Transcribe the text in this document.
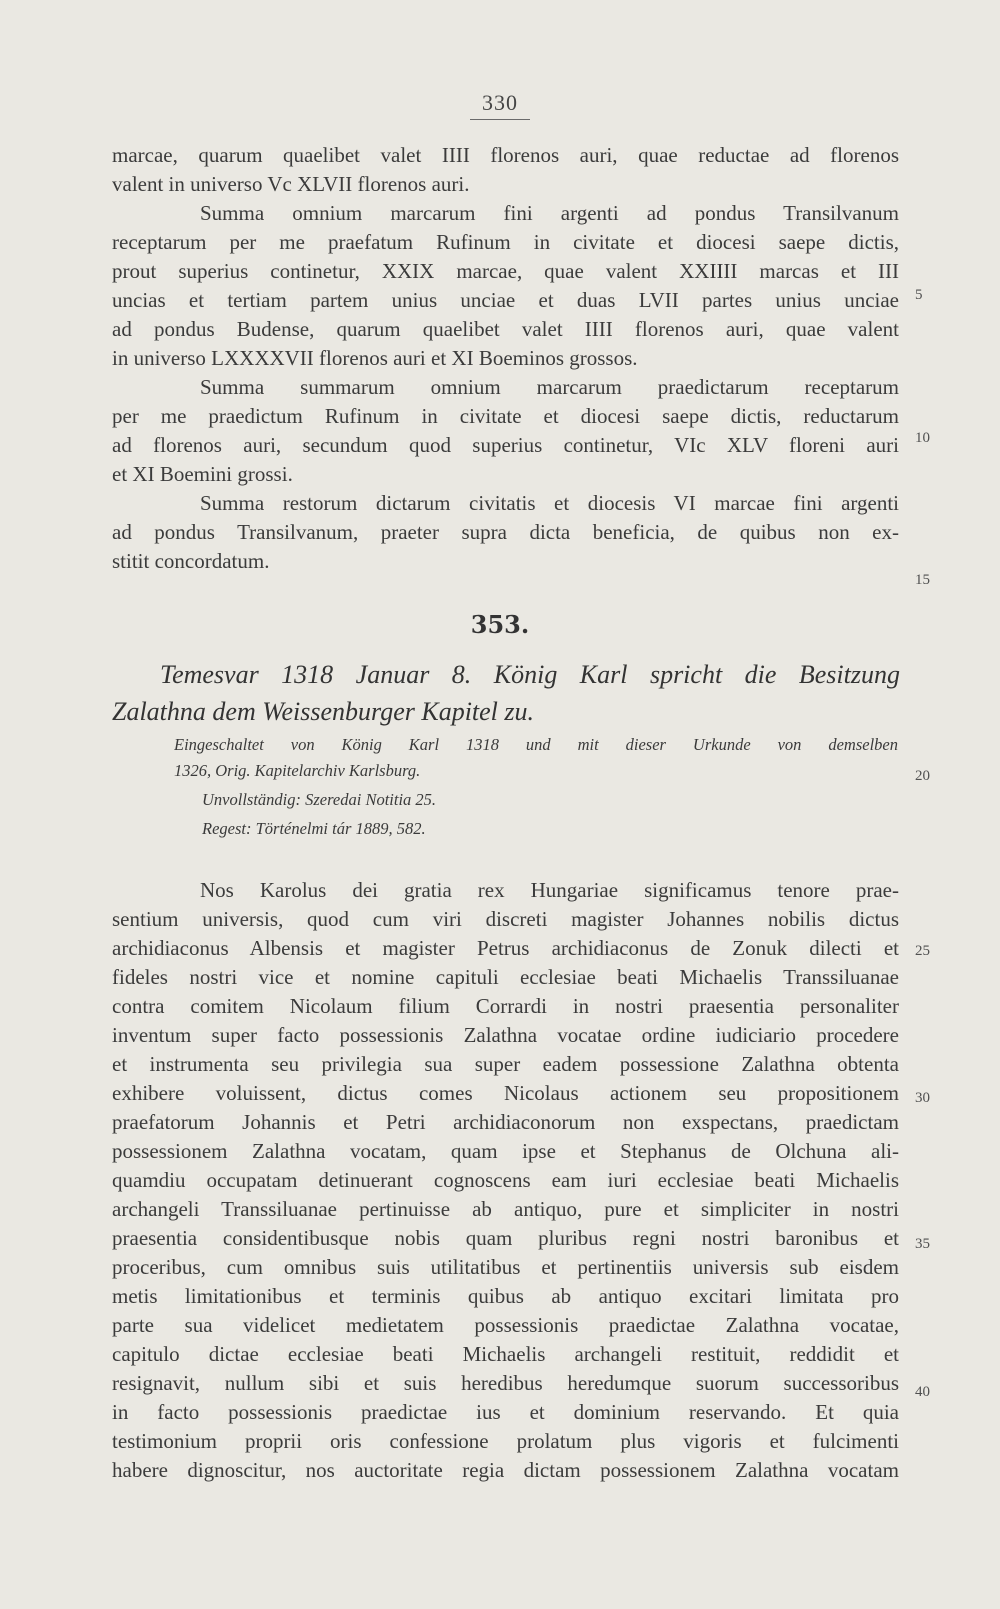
330
marcae, quarum quaelibet valet IIII florenos auri, quae reductae ad florenos
valent in universo Vc XLVII florenos auri.
Summa omnium marcarum fini argenti ad pondus Transilvanum
receptarum per me praefatum Rufinum in civitate et diocesi saepe dictis,
prout superius continetur, XXIX marcae, quae valent XXIIII marcas et III
uncias et tertiam partem unius unciae et duas LVII partes unius unciae
ad pondus Budense, quarum quaelibet valet IIII florenos auri, quae valent
in universo LXXXXVII florenos auri et XI Boeminos grossos.
Summa summarum omnium marcarum praedictarum receptarum
per me praedictum Rufinum in civitate et diocesi saepe dictis, reductarum
ad florenos auri, secundum quod superius continetur, VIc XLV floreni auri
et XI Boemini grossi.
Summa restorum dictarum civitatis et diocesis VI marcae fini argenti
ad pondus Transilvanum, praeter supra dicta beneficia, de quibus non ex-
stitit concordatum.
353.
Temesvar 1318 Januar 8. König Karl spricht die Besitzung
Zalathna dem Weissenburger Kapitel zu.
Eingeschaltet von König Karl 1318 und mit dieser Urkunde von demselben
1326, Orig. Kapitelarchiv Karlsburg.
Unvollständig: Szeredai Notitia 25.
Regest: Történelmi tár 1889, 582.
Nos Karolus dei gratia rex Hungariae significamus tenore prae-
sentium universis, quod cum viri discreti magister Johannes nobilis dictus
archidiaconus Albensis et magister Petrus archidiaconus de Zonuk dilecti et
fideles nostri vice et nomine capituli ecclesiae beati Michaelis Transsiluanae
contra comitem Nicolaum filium Corrardi in nostri praesentia personaliter
inventum super facto possessionis Zalathna vocatae ordine iudiciario procedere
et instrumenta seu privilegia sua super eadem possessione Zalathna obtenta
exhibere voluissent, dictus comes Nicolaus actionem seu propositionem
praefatorum Johannis et Petri archidiaconorum non exspectans, praedictam
possessionem Zalathna vocatam, quam ipse et Stephanus de Olchuna ali-
quamdiu occupatam detinuerant cognoscens eam iuri ecclesiae beati Michaelis
archangeli Transsiluanae pertinuisse ab antiquo, pure et simpliciter in nostri
praesentia considentibusque nobis quam pluribus regni nostri baronibus et
proceribus, cum omnibus suis utilitatibus et pertinentiis universis sub eisdem
metis limitationibus et terminis quibus ab antiquo excitari limitata pro
parte sua videlicet medietatem possessionis praedictae Zalathna vocatae,
capitulo dictae ecclesiae beati Michaelis archangeli restituit, reddidit et
resignavit, nullum sibi et suis heredibus heredumque suorum successoribus
in facto possessionis praedictae ius et dominium reservando. Et quia
testimonium proprii oris confessione prolatum plus vigoris et fulcimenti
habere dignoscitur, nos auctoritate regia dictam possessionem Zalathna vocatam
5
10
15
20
25
30
35
40
